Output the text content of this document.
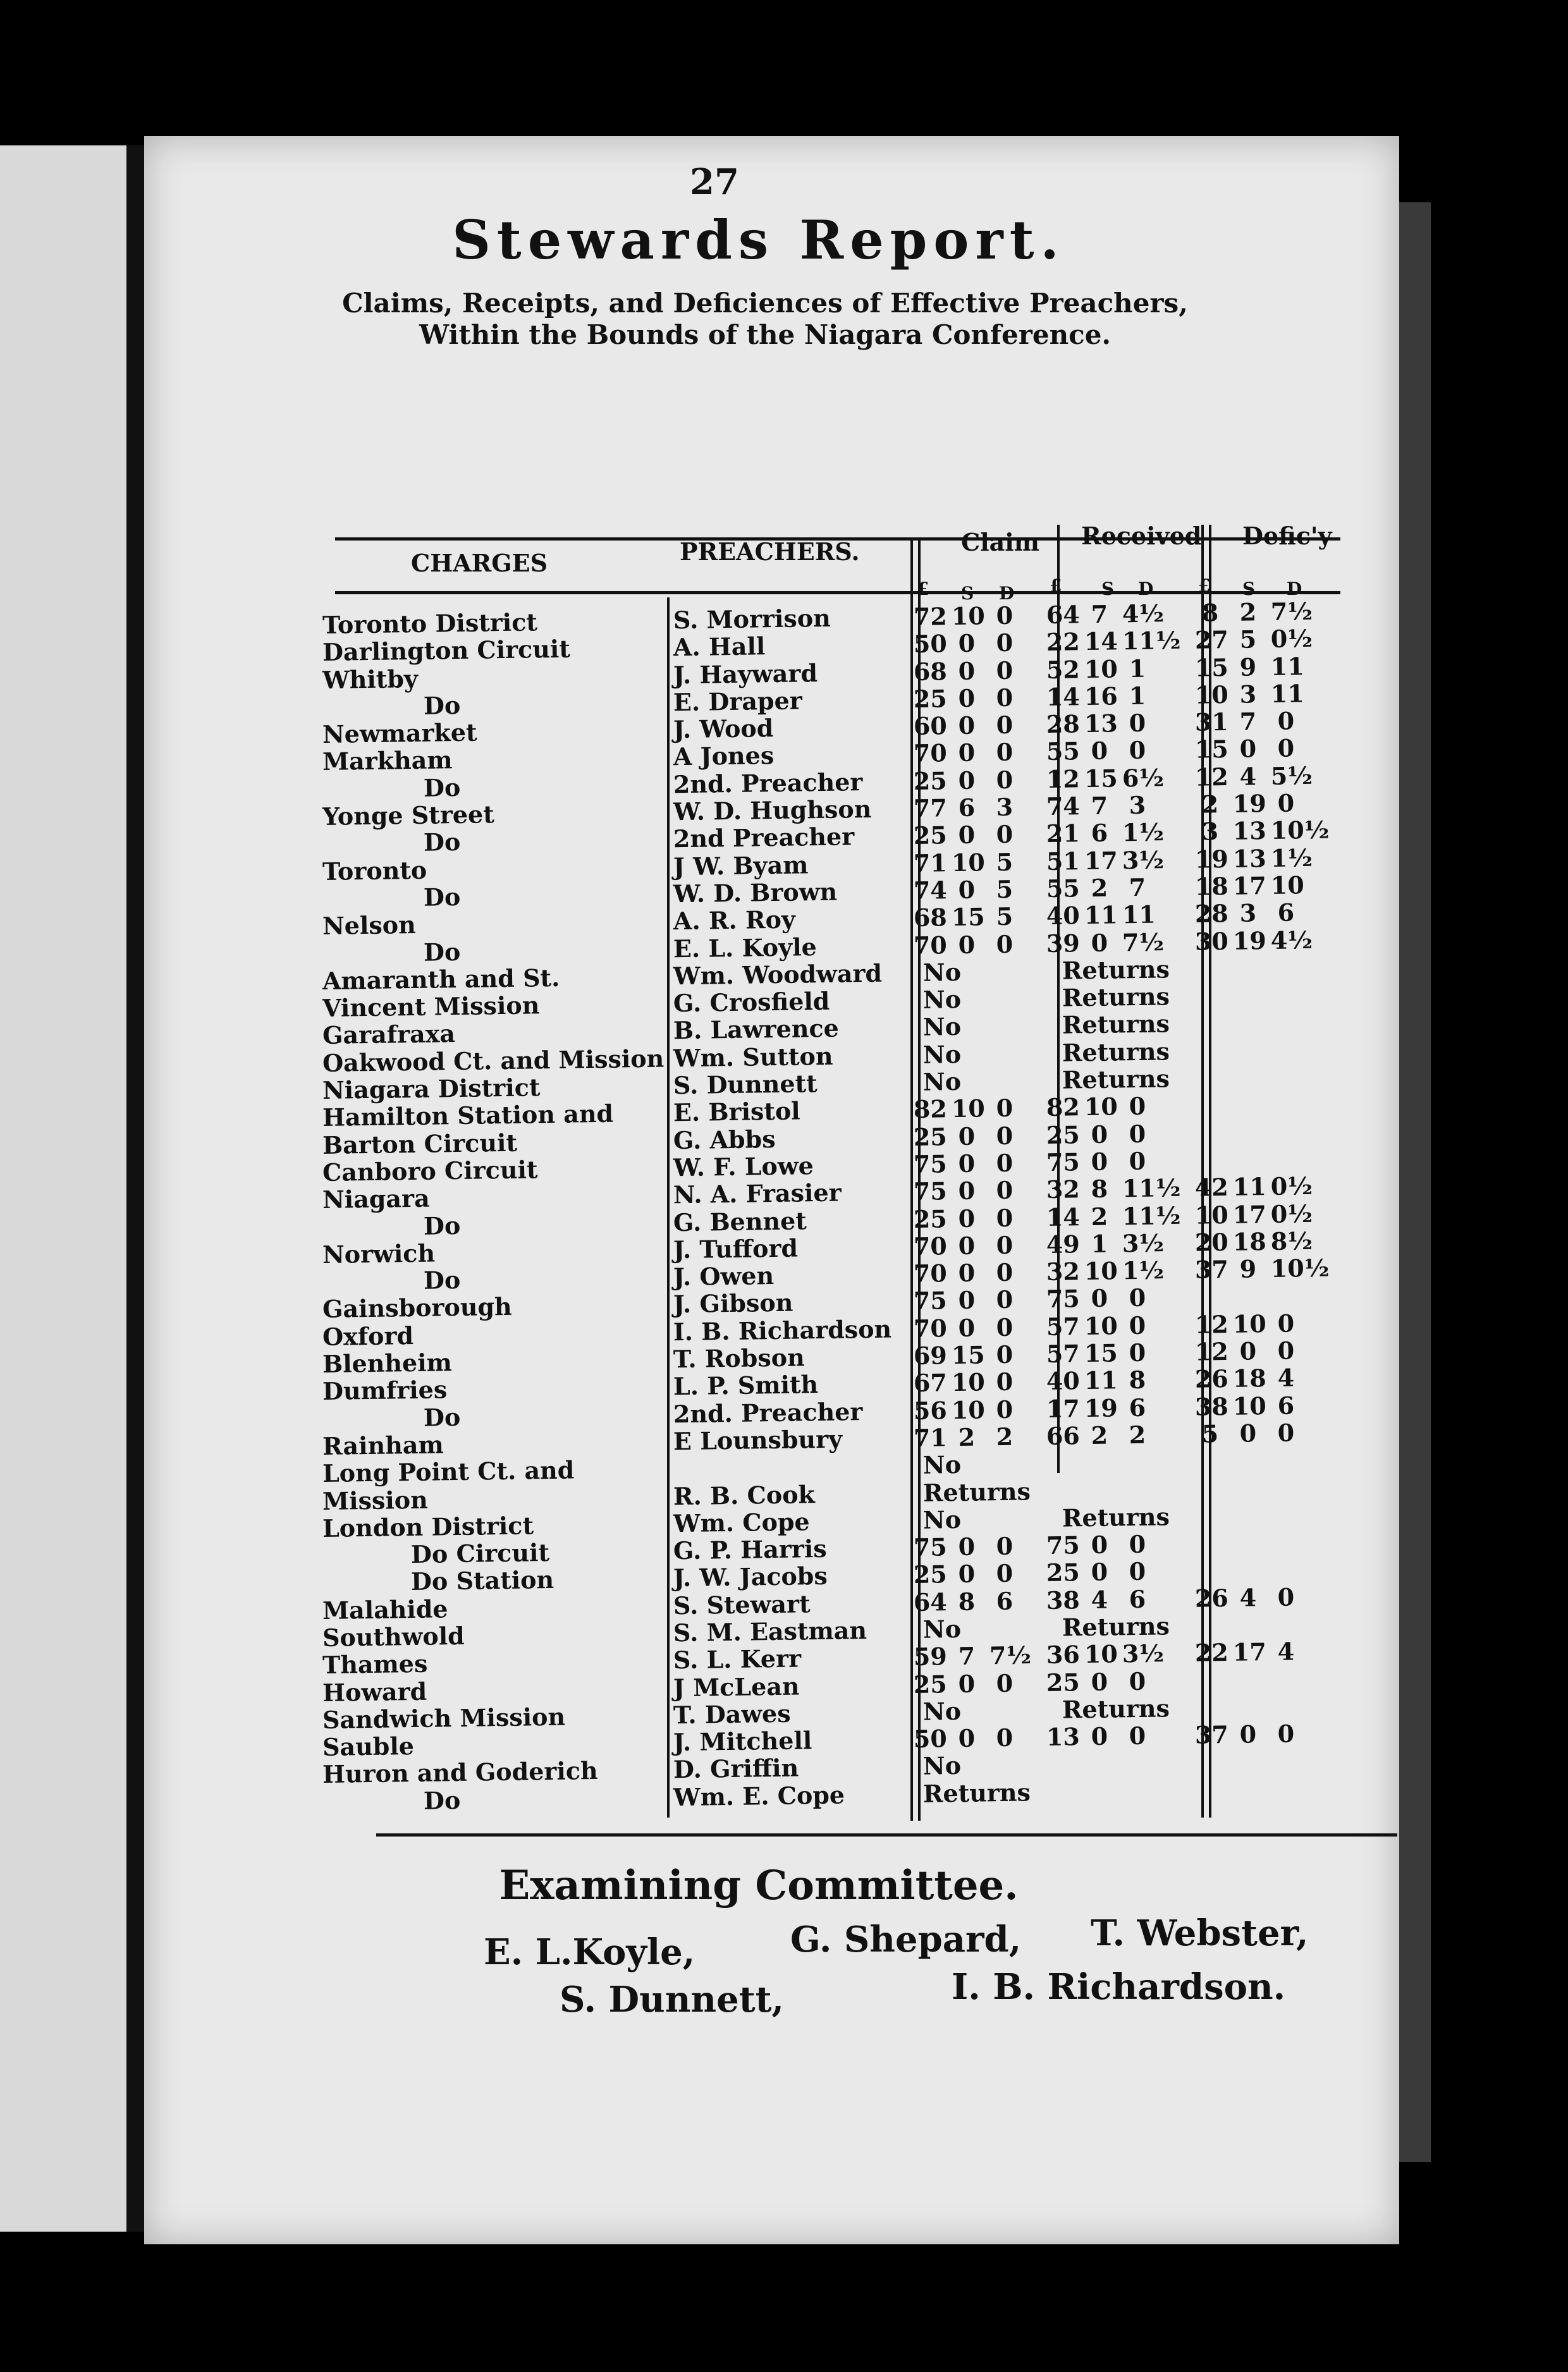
27
Stewards Report.
Claims, Receipts, and Deficiences of Effective Preachers,
Within the Bounds of the Niagara Conference.
CHARGES	PREACHERS.	Claim Received Defic'y
£ S D £ S D	£ S D
Toronto District	S. Morrison	72 10 0 64 7 4½ 8 2 7½
Darlington Circuit	A. Hall	50 0 0 22 14 11½ 27 5 0½
Whitby	J. Hayward	68 0 0 52 10 1 15 9 11
Do	E. Draper	25 0 0 14 16 1 10 3 11
Newmarket	J. Wood	60 0 0 28 13 0 31 7 0
Markham	A Jones	70 0 0 55 0 0 15 0 0
Do	2nd. Preacher 25 0 0 12 15 6½ 12 4 5½
Yonge Street	W. D. Hughson 77 6 3 74 7 3 2 19 0
Do	2nd Preacher 25 0 0 21 6 1½ 3 13 10½
Toronto	J W. Byam	71 10 5 51 17 3½ 19 13 1½
Do	W. D. Brown	74 0 5 55 2 7 18 17 10
Nelson	A. R. Roy	68 15 5 40 11 11 28 3 6
Do	E. L. Koyle	70 0 0 39 0 7½ 30 19 4½
Amaranth and St.	Wm. Woodward No	Returns
Vincent Mission	G. Crosfield	No	Returns
Garafraxa	B. Lawrence	No	Returns
Oakwood Ct. and Mission Wm. Sutton	No	Returns
Niagara District	S. Dunnett	No	Returns
Hamilton Station and E. Bristol	82 10 0 82 10 0
Barton Circuit	G. Abbs	25 0 0 25 0 0
Canboro Circuit	W. F. Lowe	75 0 0 75 0 0
Niagara	N. A. Frasier	75 0 0 32 8 11½ 42 11 0½
Do	G. Bennet	25 0 0 14 2 11½ 10 17 0½
Norwich	J. Tufford	70 0 0 49 1 3½ 20 18 8½
Do	J. Owen	70 0 0 32 10 1½ 37 9 10½
Gainsborough	J. Gibson	75 0 0 75 0 0
Oxford	I. B. Richardson 70 0 0 57 10 0 12 10 0
Blenheim	T. Robson	69 15 0 57 15 0 12 0 0
Dumfries	L. P. Smith	67 10 0 40 11 8 26 18 4
Do	2nd. Preacher 56 10 0 17 19 6 38 10 6
Rainham	E Lounsbury	71 2 2 66 2 2 5 0 0
Long Point Ct. and	No
Mission	R. B. Cook	Returns
London District	Wm. Cope	No	Returns
Do Circuit	G. P. Harris	75 0 0 75 0 0
Do Station	J. W. Jacobs	25 0 0 25 0 0
Malahide	S. Stewart	64 8 6 38 4 6 26 4 0
Southwold	S. M. Eastman No	Returns
Thames	S. L. Kerr	59 7 7½ 36 10 3½ 22 17 4
Howard	J McLean	25 0 0 25 0 0
Sandwich Mission	T. Dawes	No	Returns
Sauble	J. Mitchell	50 0 0 13 0 0 37 0 0
Huron and Goderich	D. Griffin	No
Do	Wm. E. Cope	Returns
Examining Committee.
E. L.Koyle,	G. Shepard, T. Webster,
S. Dunnett,	I. B. Richardson.
